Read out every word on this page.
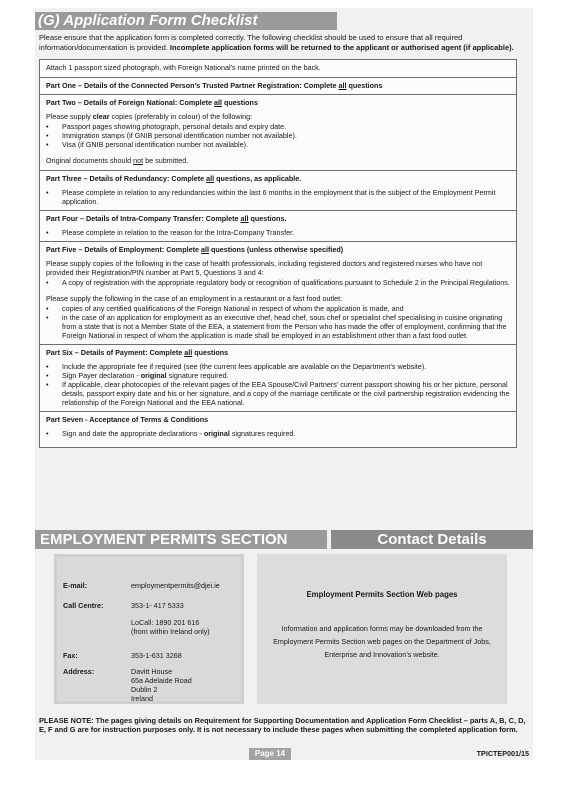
(G) Application Form Checklist
Please ensure that the application form is completed correctly. The following checklist should be used to ensure that all required information/documentation is provided. Incomplete application forms will be returned to the applicant or authorised agent (if applicable).

Attach 1 passport sized photograph, with Foreign National’s name printed on the back.

Part One – Details of the Connected Person’s Trusted Partner Registration: Complete all questions
Part Two – Details of Foreign National: Complete all questions

Please supply clear copies (preferably in colour) of the following:

• Passport pages showing photograph, personal details and expiry date.
• Immigration stamps (if GNIB personal identification number not available).
• Visa (if GNIB personal identification number not available).

Original documents should not be submitted.

Part Three – Details of Redundancy: Complete all questions, as applicable.
• Please complete in relation to any redundancies within the last 6 months in the employment that is the subject of the Employment Permit application.
Part Four – Details of Intra-Company Transfer: Complete all questions.
• Please complete in relation to the reason for the Intra-Company Transfer.
Part Five – Details of Employment: Complete all questions (unless otherwise specified)

Please supply copies of the following in the case of health professionals, including registered doctors and registered nurses who have not provided their Registration/PIN number at Part 5, Questions 3 and 4:

• A copy of registration with the appropriate regulatory body or recognition of qualifications pursuant to Schedule 2 in the Principal Regulations.

Please supply the following in the case of an employment in a restaurant or a fast food outlet:

• copies of any certified qualifications of the Foreign National in respect of whom the application is made, and
• in the case of an application for employment as an executive chef, head chef, sous chef or specialist chef specialising in cuisine originating from a state that is not a Member State of the EEA, a statement from the Person who has made the offer of employment, confirming that the Foreign National in respect of whom the application is made shall be employed in an establishment other than a fast food outlet.
Part Six – Details of Payment: Complete all questions
• Include the appropriate fee if required (see (the current fees applicable are available on the Department’s website).
• Sign Payer declaration - original signature required.
• If applicable, clear photocopies of the relevant pages of the EEA Spouse/Civil Partners’ current passport showing his or her picture, personal details, passport expiry date and his or her signature, and a copy of the marriage certificate or the civil partnership registration evidencing the relationship of the Foreign National and the EEA national.
Part Seven - Acceptance of Terms & Conditions
• Sign and date the appropriate declarations - original signatures required.
EMPLOYMENT PERMITS SECTION	Contact Details
E-mail:	employmentpermits@djei.ie
Call Centre:	353-1- 417 5333
LoCall: 1890 201 616
(from within Ireland only)
Fax:	353-1-631 3268
Address:	Davitt House
65a Adelaide Road
Dublin 2
Ireland
Employment Permits Section Web pages
Information and application forms may be downloaded from the Employment Permits Section web pages on the Department of Jobs, Enterprise and Innovation’s website.
PLEASE NOTE: The pages giving details on Requirement for Supporting Documentation and Application Form Checklist – parts A, B, C, D, E, F and G are for instruction purposes only. It is not necessary to include these pages when submitting the completed application form.
Page 14	TPICTEP001/15
